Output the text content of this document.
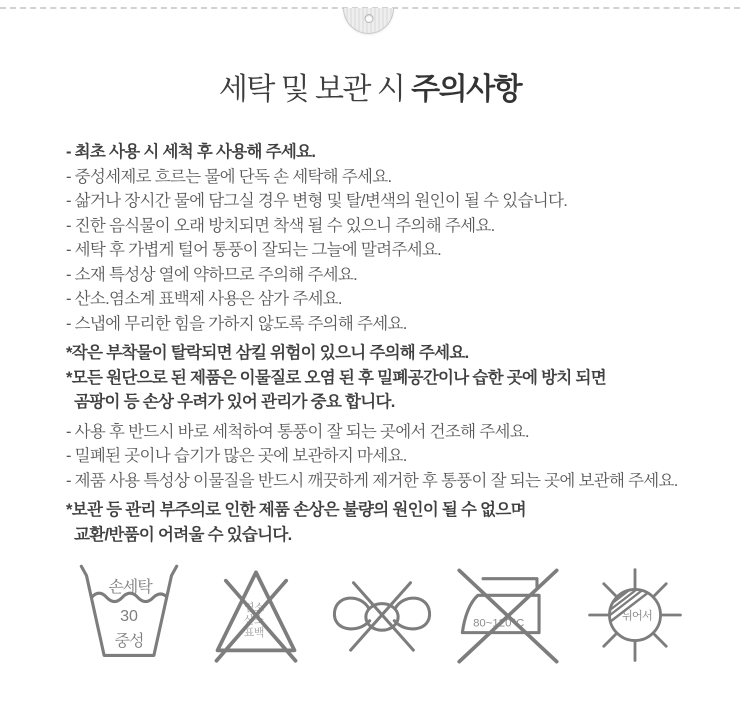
세탁 및 보관 시 주의사항
- 최초 사용 시 세척 후 사용해 주세요.
- 중성세제로 흐르는 물에 단독 손 세탁해 주세요.
- 삶거나 장시간 물에 담그실 경우 변형 및 탈/변색의 원인이 될 수 있습니다.
- 진한 음식물이 오래 방치되면 착색 될 수 있으니 주의해 주세요.
- 세탁 후 가볍게 털어 통풍이 잘되는 그늘에 말려주세요.
- 소재 특성상 열에 약하므로 주의해 주세요.
- 산소.염소계 표백제 사용은 삼가 주세요.
- 스냅에 무리한 힘을 가하지 않도록 주의해 주세요.
*작은 부착물이 탈락되면 삼킬 위험이 있으니 주의해 주세요.
*모든 원단으로 된 제품은 이물질로 오염 된 후 밀폐공간이나 습한 곳에 방치 되면
곰팡이 등 손상 우려가 있어 관리가 중요 합니다.
- 사용 후 반드시 바로 세척하여 통풍이 잘 되는 곳에서 건조해 주세요.
- 밀폐된 곳이나 습기가 많은 곳에 보관하지 마세요.
- 제품 사용 특성상 이물질을 반드시 깨끗하게 제거한 후 통풍이 잘 되는 곳에 보관해 주세요.
*보관 등 관리 부주의로 인한 제품 손상은 불량의 원인이 될 수 없으며
교환/반품이 어려울 수 있습니다.
손세탁
30
중성
염소
산소
표백
80~120°C
뉘어서
